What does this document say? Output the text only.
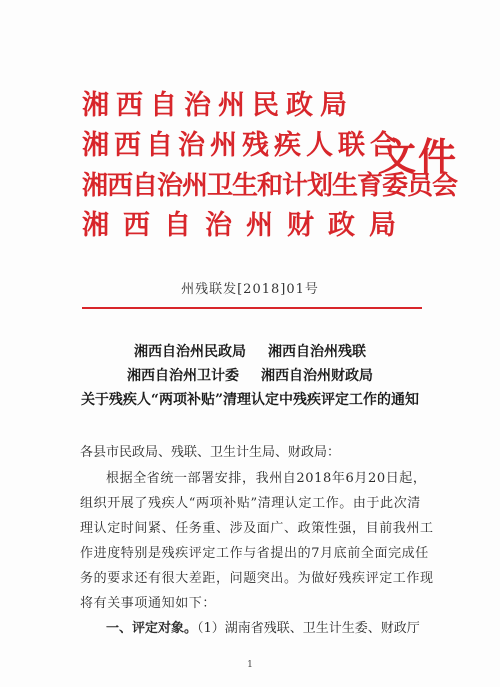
湘西自治州民政局
湘西自治州残疾人联合
湘西自治州卫生和计划生育委员会
湘西自治州财政局
文件
州残联发[2018]01号
湘西自治州民政局 湘西自治州残联
湘西自治州卫计委 湘西自治州财政局
关于残疾人“两项补贴”清理认定中残疾评定工作的通知
各县市民政局、残联、卫生计生局、财政局：
根据全省统一部署安排，我州自2018年6月20日起，
组织开展了残疾人“两项补贴”清理认定工作。由于此次清
理认定时间紧、任务重、涉及面广、政策性强，目前我州工
作进度特别是残疾评定工作与省提出的7月底前全面完成任
务的要求还有很大差距，问题突出。为做好残疾评定工作现
将有关事项通知如下：
一、评定对象。（1）湖南省残联、卫生计生委、财政厅
1
